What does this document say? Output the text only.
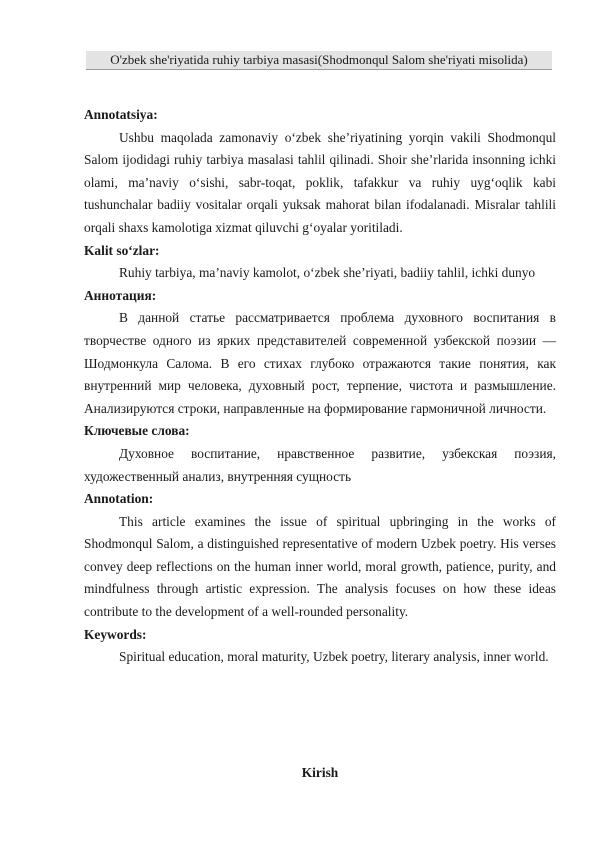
O'zbek she'riyatida ruhiy tarbiya masasi(Shodmonqul Salom she'riyati misolida)

Annotatsiya:

Ushbu maqolada zamonaviy o‘zbek she’riyatining yorqin vakili Shodmonqul Salom ijodidagi ruhiy tarbiya masalasi tahlil qilinadi. Shoir she’rlarida insonning ichki olami, ma’naviy o‘sishi, sabr-toqat, poklik, tafakkur va ruhiy uyg‘oqlik kabi tushunchalar badiiy vositalar orqali yuksak mahorat bilan ifodalanadi. Misralar tahlili orqali shaxs kamolotiga xizmat qiluvchi g‘oyalar yoritiladi.

Kalit so‘zlar:

Ruhiy tarbiya, ma’naviy kamolot, o‘zbek she’riyati, badiiy tahlil, ichki dunyo

Аннотация:

В данной статье рассматривается проблема духовного воспитания в творчестве одного из ярких представителей современной узбекской поэзии — Шодмонкула Салома. В его стихах глубоко отражаются такие понятия, как внутренний мир человека, духовный рост, терпение, чистота и размышление. Анализируются строки, направленные на формирование гармоничной личности.

Ключевые слова:

Духовное воспитание, нравственное развитие, узбекская поэзия, художественный анализ, внутренняя сущность

Annotation:

This article examines the issue of spiritual upbringing in the works of Shodmonqul Salom, a distinguished representative of modern Uzbek poetry. His verses convey deep reflections on the human inner world, moral growth, patience, purity, and mindfulness through artistic expression. The analysis focuses on how these ideas contribute to the development of a well-rounded personality.

Keywords:

Spiritual education, moral maturity, Uzbek poetry, literary analysis, inner world.

Kirish
